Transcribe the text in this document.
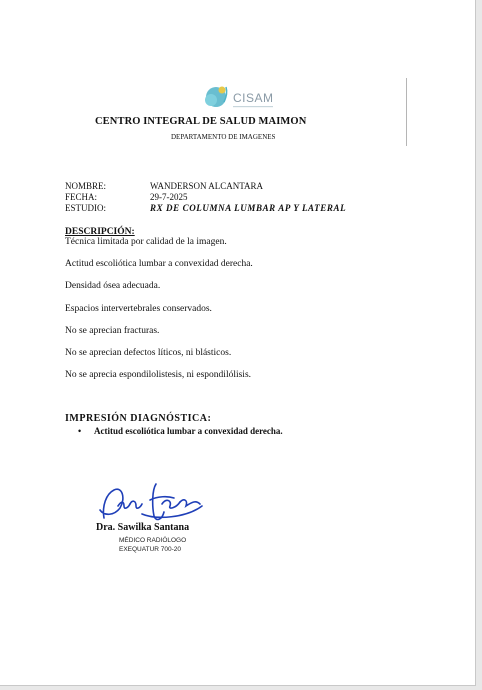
CISAM
CENTRO INTEGRAL DE SALUD MAIMON
DEPARTAMENTO DE IMAGENES
NOMBRE:	WANDERSON ALCANTARA
FECHA:	29-7-2025
ESTUDIO:	RX DE COLUMNA LUMBAR AP Y LATERAL
DESCRIPCIÓN:
Técnica limitada por calidad de la imagen.
Actitud escoliótica lumbar a convexidad derecha.
Densidad ósea adecuada.
Espacios intervertebrales conservados.
No se aprecian fracturas.
No se aprecian defectos líticos, ni blásticos.
No se aprecia espondilolistesis, ni espondilólisis.
IMPRESIÓN DIAGNÓSTICA:
• Actitud escoliótica lumbar a convexidad derecha.
Dra. Sawilka Santana
MÉDICO RADIÓLOGO
EXEQUATUR 700-20
